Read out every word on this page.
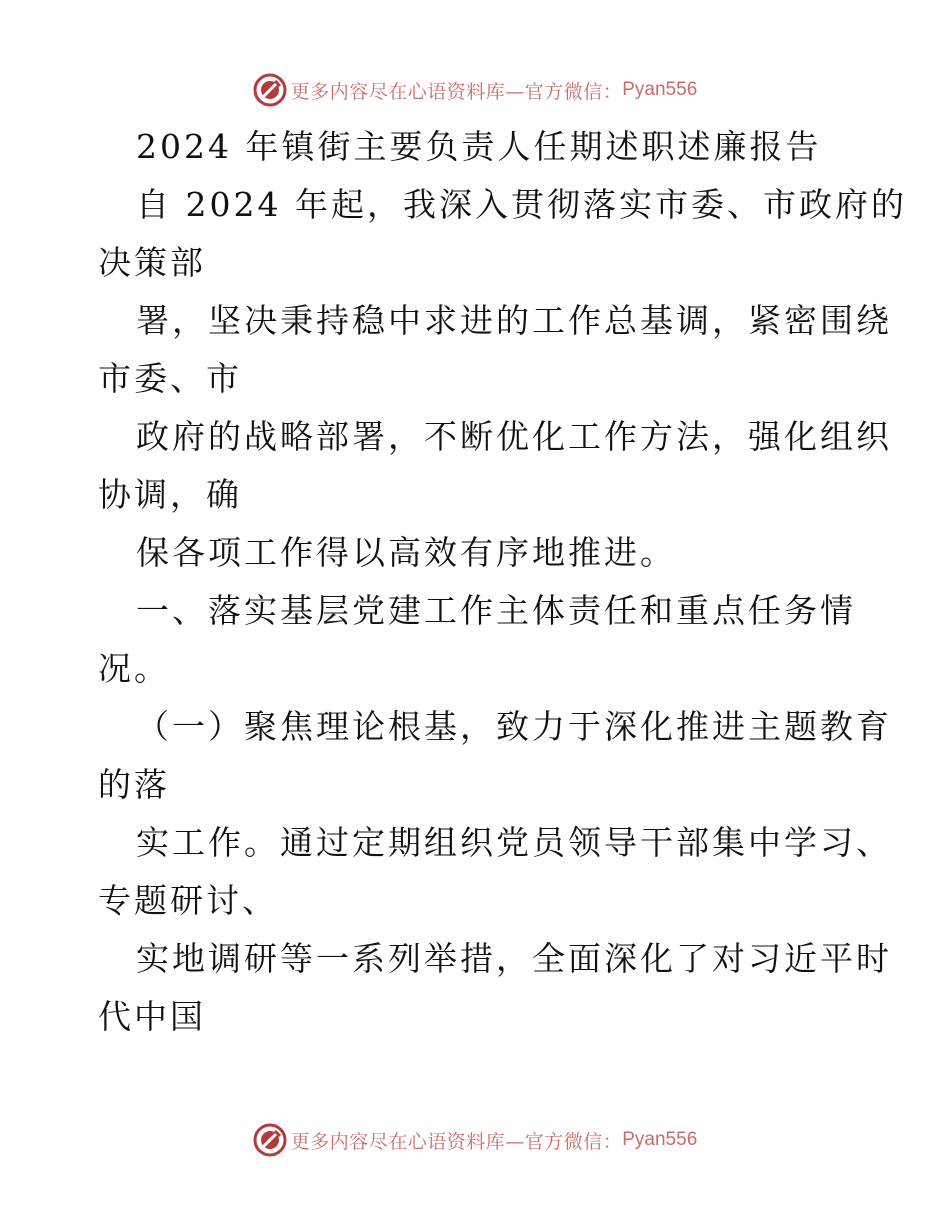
更多内容尽在心语资料库—官方微信： Pyan556
2024 年镇街主要负责人任期述职述廉报告
自 2024 年起，我深入贯彻落实市委、市政府的
决策部
署，坚决秉持稳中求进的工作总基调，紧密围绕
市委、市
政府的战略部署，不断优化工作方法，强化组织
协调，确
保各项工作得以高效有序地推进。
一、落实基层党建工作主体责任和重点任务情
况。
（一）聚焦理论根基，致力于深化推进主题教育
的落
实工作。通过定期组织党员领导干部集中学习、
专题研讨、
实地调研等一系列举措，全面深化了对习近平时
代中国
更多内容尽在心语资料库—官方微信： Pyan556
